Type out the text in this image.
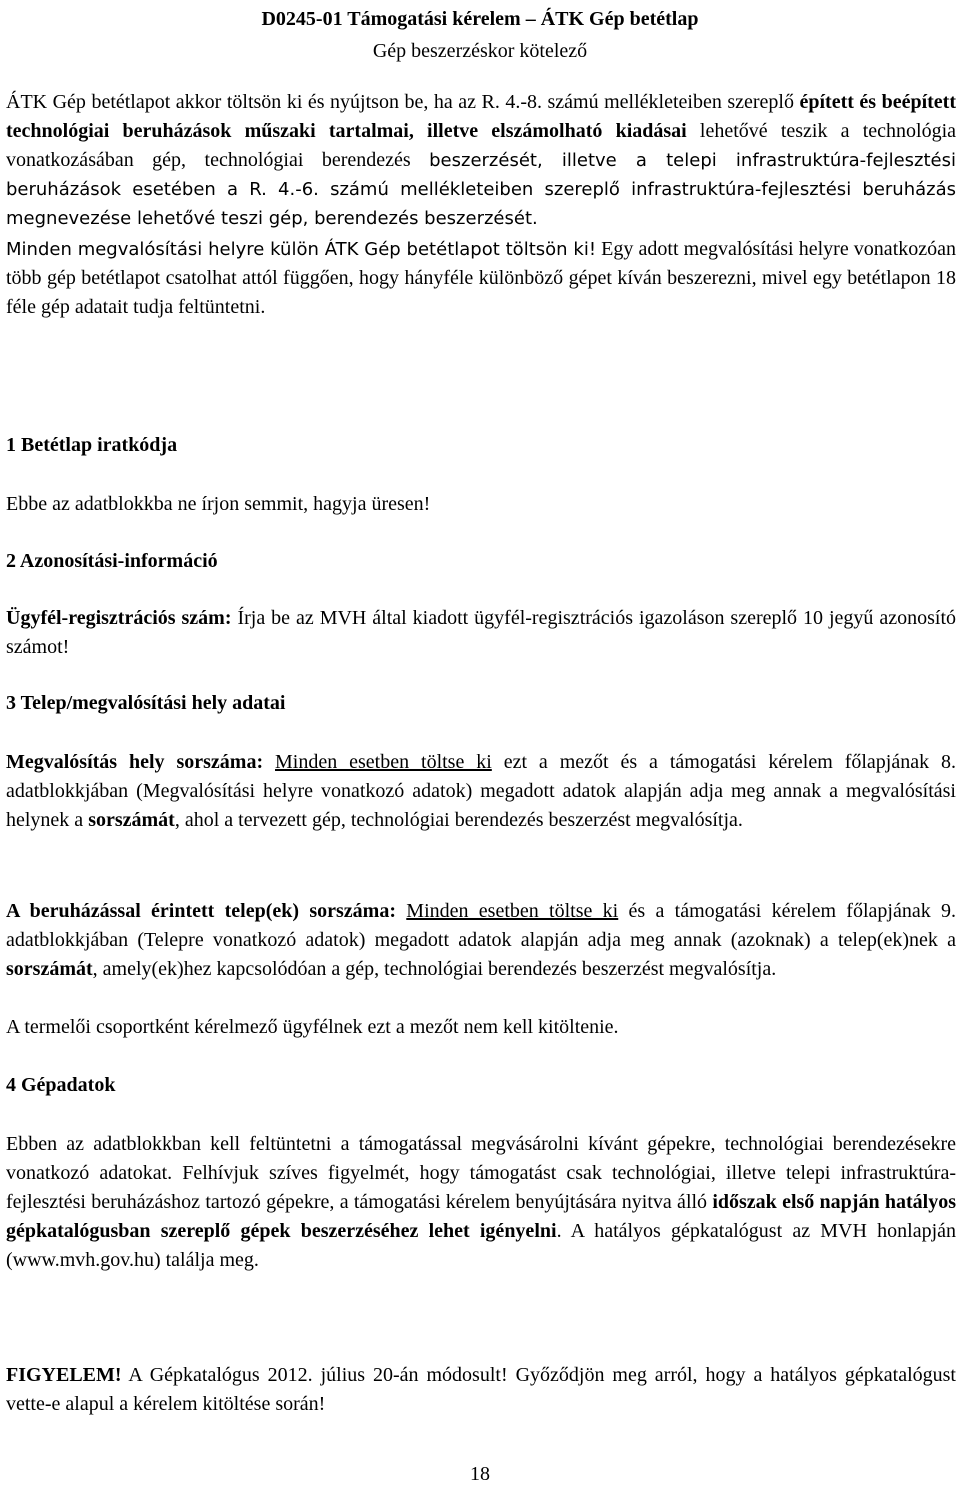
D0245-01 Támogatási kérelem – ÁTK Gép betétlap
Gép beszerzéskor kötelező

ÁTK Gép betétlapot akkor töltsön ki és nyújtson be, ha az R. 4.-8. számú mellékleteiben szereplő épített és beépített technológiai beruházások műszaki tartalmai, illetve elszámolható kiadásai lehetővé teszik a technológia vonatkozásában gép, technológiai berendezés beszerzését, illetve a telepi infrastruktúra-fejlesztési beruházások esetében a R. 4.-6. számú mellékleteiben szereplő infrastruktúra-fejlesztési beruházás megnevezése lehetővé teszi gép, berendezés beszerzését.

Minden megvalósítási helyre külön ÁTK Gép betétlapot töltsön ki! Egy adott megvalósítási helyre vonatkozóan több gép betétlapot csatolhat attól függően, hogy hányféle különböző gépet kíván beszerezni, mivel egy betétlapon 18 féle gép adatait tudja feltüntetni.

1 Betétlap iratkódja
Ebbe az adatblokkba ne írjon semmit, hagyja üresen!
2 Azonosítási-információ
Ügyfél-regisztrációs szám: Írja be az MVH által kiadott ügyfél-regisztrációs igazoláson szereplő 10 jegyű azonosító számot!
3 Telep/megvalósítási hely adatai
Megvalósítás hely sorszáma: Minden esetben töltse ki ezt a mezőt és a támogatási kérelem főlapjának 8. adatblokkjában (Megvalósítási helyre vonatkozó adatok) megadott adatok alapján adja meg annak a megvalósítási helynek a sorszámát, ahol a tervezett gép, technológiai berendezés beszerzést megvalósítja.
A beruházással érintett telep(ek) sorszáma: Minden esetben töltse ki és a támogatási kérelem főlapjának 9. adatblokkjában (Telepre vonatkozó adatok) megadott adatok alapján adja meg annak (azoknak) a telep(ek)nek a sorszámát, amely(ek)hez kapcsolódóan a gép, technológiai berendezés beszerzést megvalósítja.
A termelői csoportként kérelmező ügyfélnek ezt a mezőt nem kell kitöltenie.
4 Gépadatok
Ebben az adatblokkban kell feltüntetni a támogatással megvásárolni kívánt gépekre, technológiai berendezésekre vonatkozó adatokat. Felhívjuk szíves figyelmét, hogy támogatást csak technológiai, illetve telepi infrastruktúra-fejlesztési beruházáshoz tartozó gépekre, a támogatási kérelem benyújtására nyitva álló időszak első napján hatályos gépkatalógusban szereplő gépek beszerzéséhez lehet igényelni. A hatályos gépkatalógust az MVH honlapján (www.mvh.gov.hu) találja meg.
FIGYELEM! A Gépkatalógus 2012. július 20-án módosult! Győződjön meg arról, hogy a hatályos gépkatalógust vette-e alapul a kérelem kitöltése során!
18
